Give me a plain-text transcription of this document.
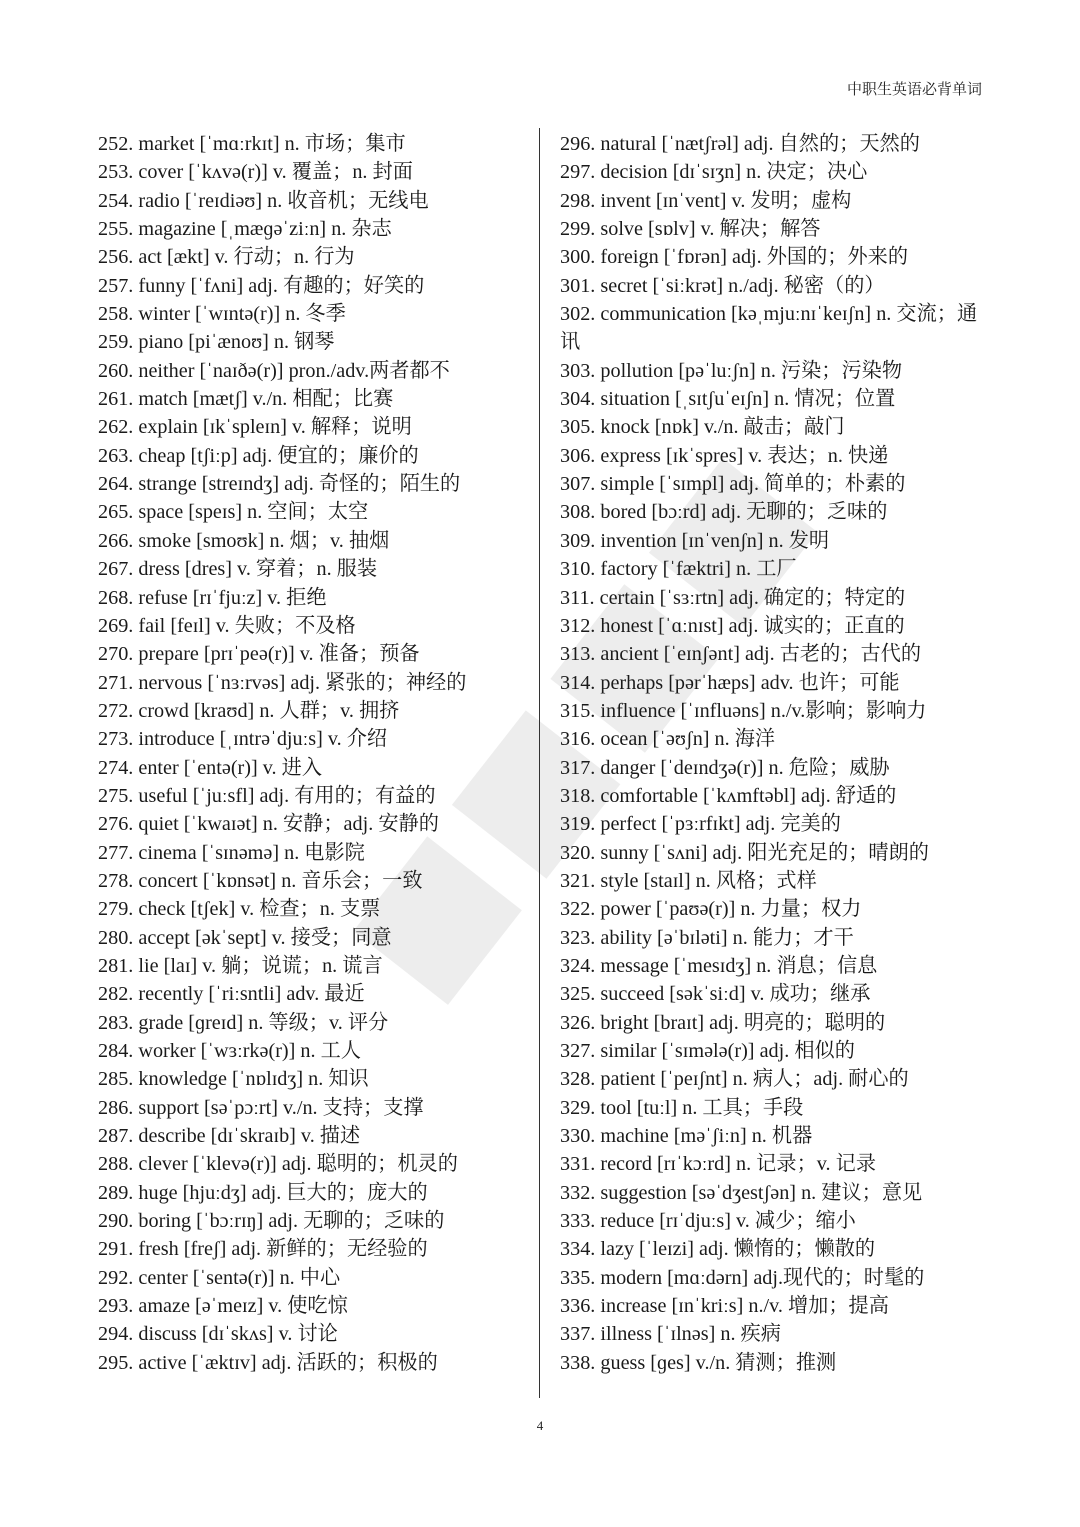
中职生英语必背单词
252. market [ˈmɑːrkɪt] n. 市场；集市
253. cover [ˈkʌvə(r)] v. 覆盖；n. 封面
254. radio [ˈreɪdiəʊ] n. 收音机；无线电
255. magazine [ˌmæɡəˈziːn] n. 杂志
256. act [ækt] v. 行动；n. 行为
257. funny [ˈfʌni] adj. 有趣的；好笑的
258. winter [ˈwɪntə(r)] n. 冬季
259. piano [piˈænoʊ] n. 钢琴
260. neither [ˈnaɪðə(r)] pron./adv.两者都不
261. match [mætʃ] v./n. 相配；比赛
262. explain [ɪkˈspleɪn] v. 解释；说明
263. cheap [tʃiːp] adj. 便宜的；廉价的
264. strange [streɪndʒ] adj. 奇怪的；陌生的
265. space [speɪs] n. 空间；太空
266. smoke [smoʊk] n. 烟；v. 抽烟
267. dress [dres] v. 穿着；n. 服装
268. refuse [rɪˈfjuːz] v. 拒绝
269. fail [feɪl] v. 失败；不及格
270. prepare [prɪˈpeə(r)] v. 准备；预备
271. nervous [ˈnɜːrvəs] adj. 紧张的；神经的
272. crowd [kraʊd] n. 人群；v. 拥挤
273. introduce [ˌɪntrəˈdjuːs] v. 介绍
274. enter [ˈentə(r)] v. 进入
275. useful [ˈjuːsfl] adj. 有用的；有益的
276. quiet [ˈkwaɪət] n. 安静；adj. 安静的
277. cinema [ˈsɪnəmə] n. 电影院
278. concert [ˈkɒnsət] n. 音乐会；一致
279. check [tʃek] v. 检查；n. 支票
280. accept [əkˈsept] v. 接受；同意
281. lie [laɪ] v. 躺；说谎；n. 谎言
282. recently [ˈriːsntli] adv. 最近
283. grade [ɡreɪd] n. 等级；v. 评分
284. worker [ˈwɜːrkə(r)] n. 工人
285. knowledge [ˈnɒlɪdʒ] n. 知识
286. support [səˈpɔːrt] v./n. 支持；支撑
287. describe [dɪˈskraɪb] v. 描述
288. clever [ˈklevə(r)] adj. 聪明的；机灵的
289. huge [hjuːdʒ] adj. 巨大的；庞大的
290. boring [ˈbɔːrɪŋ] adj. 无聊的；乏味的
291. fresh [freʃ] adj. 新鲜的；无经验的
292. center [ˈsentə(r)] n. 中心
293. amaze [əˈmeɪz] v. 使吃惊
294. discuss [dɪˈskʌs] v. 讨论
295. active [ˈæktɪv] adj. 活跃的；积极的
296. natural [ˈnætʃrəl] adj. 自然的；天然的
297. decision [dɪˈsɪʒn] n. 决定；决心
298. invent [ɪnˈvent] v. 发明；虚构
299. solve [sɒlv] v. 解决；解答
300. foreign [ˈfɒrən] adj. 外国的；外来的
301. secret [ˈsiːkrət] n./adj. 秘密（的）
302. communication [kəˌmjuːnɪˈkeɪʃn] n. 交流；通讯
303. pollution [pəˈluːʃn] n. 污染；污染物
304. situation [ˌsɪtʃuˈeɪʃn] n. 情况；位置
305. knock [nɒk] v./n. 敲击；敲门
306. express [ɪkˈspres] v. 表达；n. 快递
307. simple [ˈsɪmpl] adj. 简单的；朴素的
308. bored [bɔːrd] adj. 无聊的；乏味的
309. invention [ɪnˈvenʃn] n. 发明
310. factory [ˈfæktri] n. 工厂
311. certain [ˈsɜːrtn] adj. 确定的；特定的
312. honest [ˈɑːnɪst] adj. 诚实的；正直的
313. ancient [ˈeɪnʃənt] adj. 古老的；古代的
314. perhaps [pərˈhæps] adv. 也许；可能
315. influence [ˈɪnfluəns] n./v.影响；影响力
316. ocean [ˈəʊʃn] n. 海洋
317. danger [ˈdeɪndʒə(r)] n. 危险；威胁
318. comfortable [ˈkʌmftəbl] adj. 舒适的
319. perfect [ˈpɜːrfɪkt] adj. 完美的
320. sunny [ˈsʌni] adj. 阳光充足的；晴朗的
321. style [staɪl] n. 风格；式样
322. power [ˈpaʊə(r)] n. 力量；权力
323. ability [əˈbɪləti] n. 能力；才干
324. message [ˈmesɪdʒ] n. 消息；信息
325. succeed [səkˈsiːd] v. 成功；继承
326. bright [braɪt] adj. 明亮的；聪明的
327. similar [ˈsɪmələ(r)] adj. 相似的
328. patient [ˈpeɪʃnt] n. 病人；adj. 耐心的
329. tool [tuːl] n. 工具；手段
330. machine [məˈʃiːn] n. 机器
331. record [rɪˈkɔːrd] n. 记录；v. 记录
332. suggestion [səˈdʒestʃən] n. 建议；意见
333. reduce [rɪˈdjuːs] v. 减少；缩小
334. lazy [ˈleɪzi] adj. 懒惰的；懒散的
335. modern [mɑːdərn] adj.现代的；时髦的
336. increase [ɪnˈkriːs] n./v. 增加；提高
337. illness [ˈɪlnəs] n. 疾病
338. guess [ɡes] v./n. 猜测；推测
4
